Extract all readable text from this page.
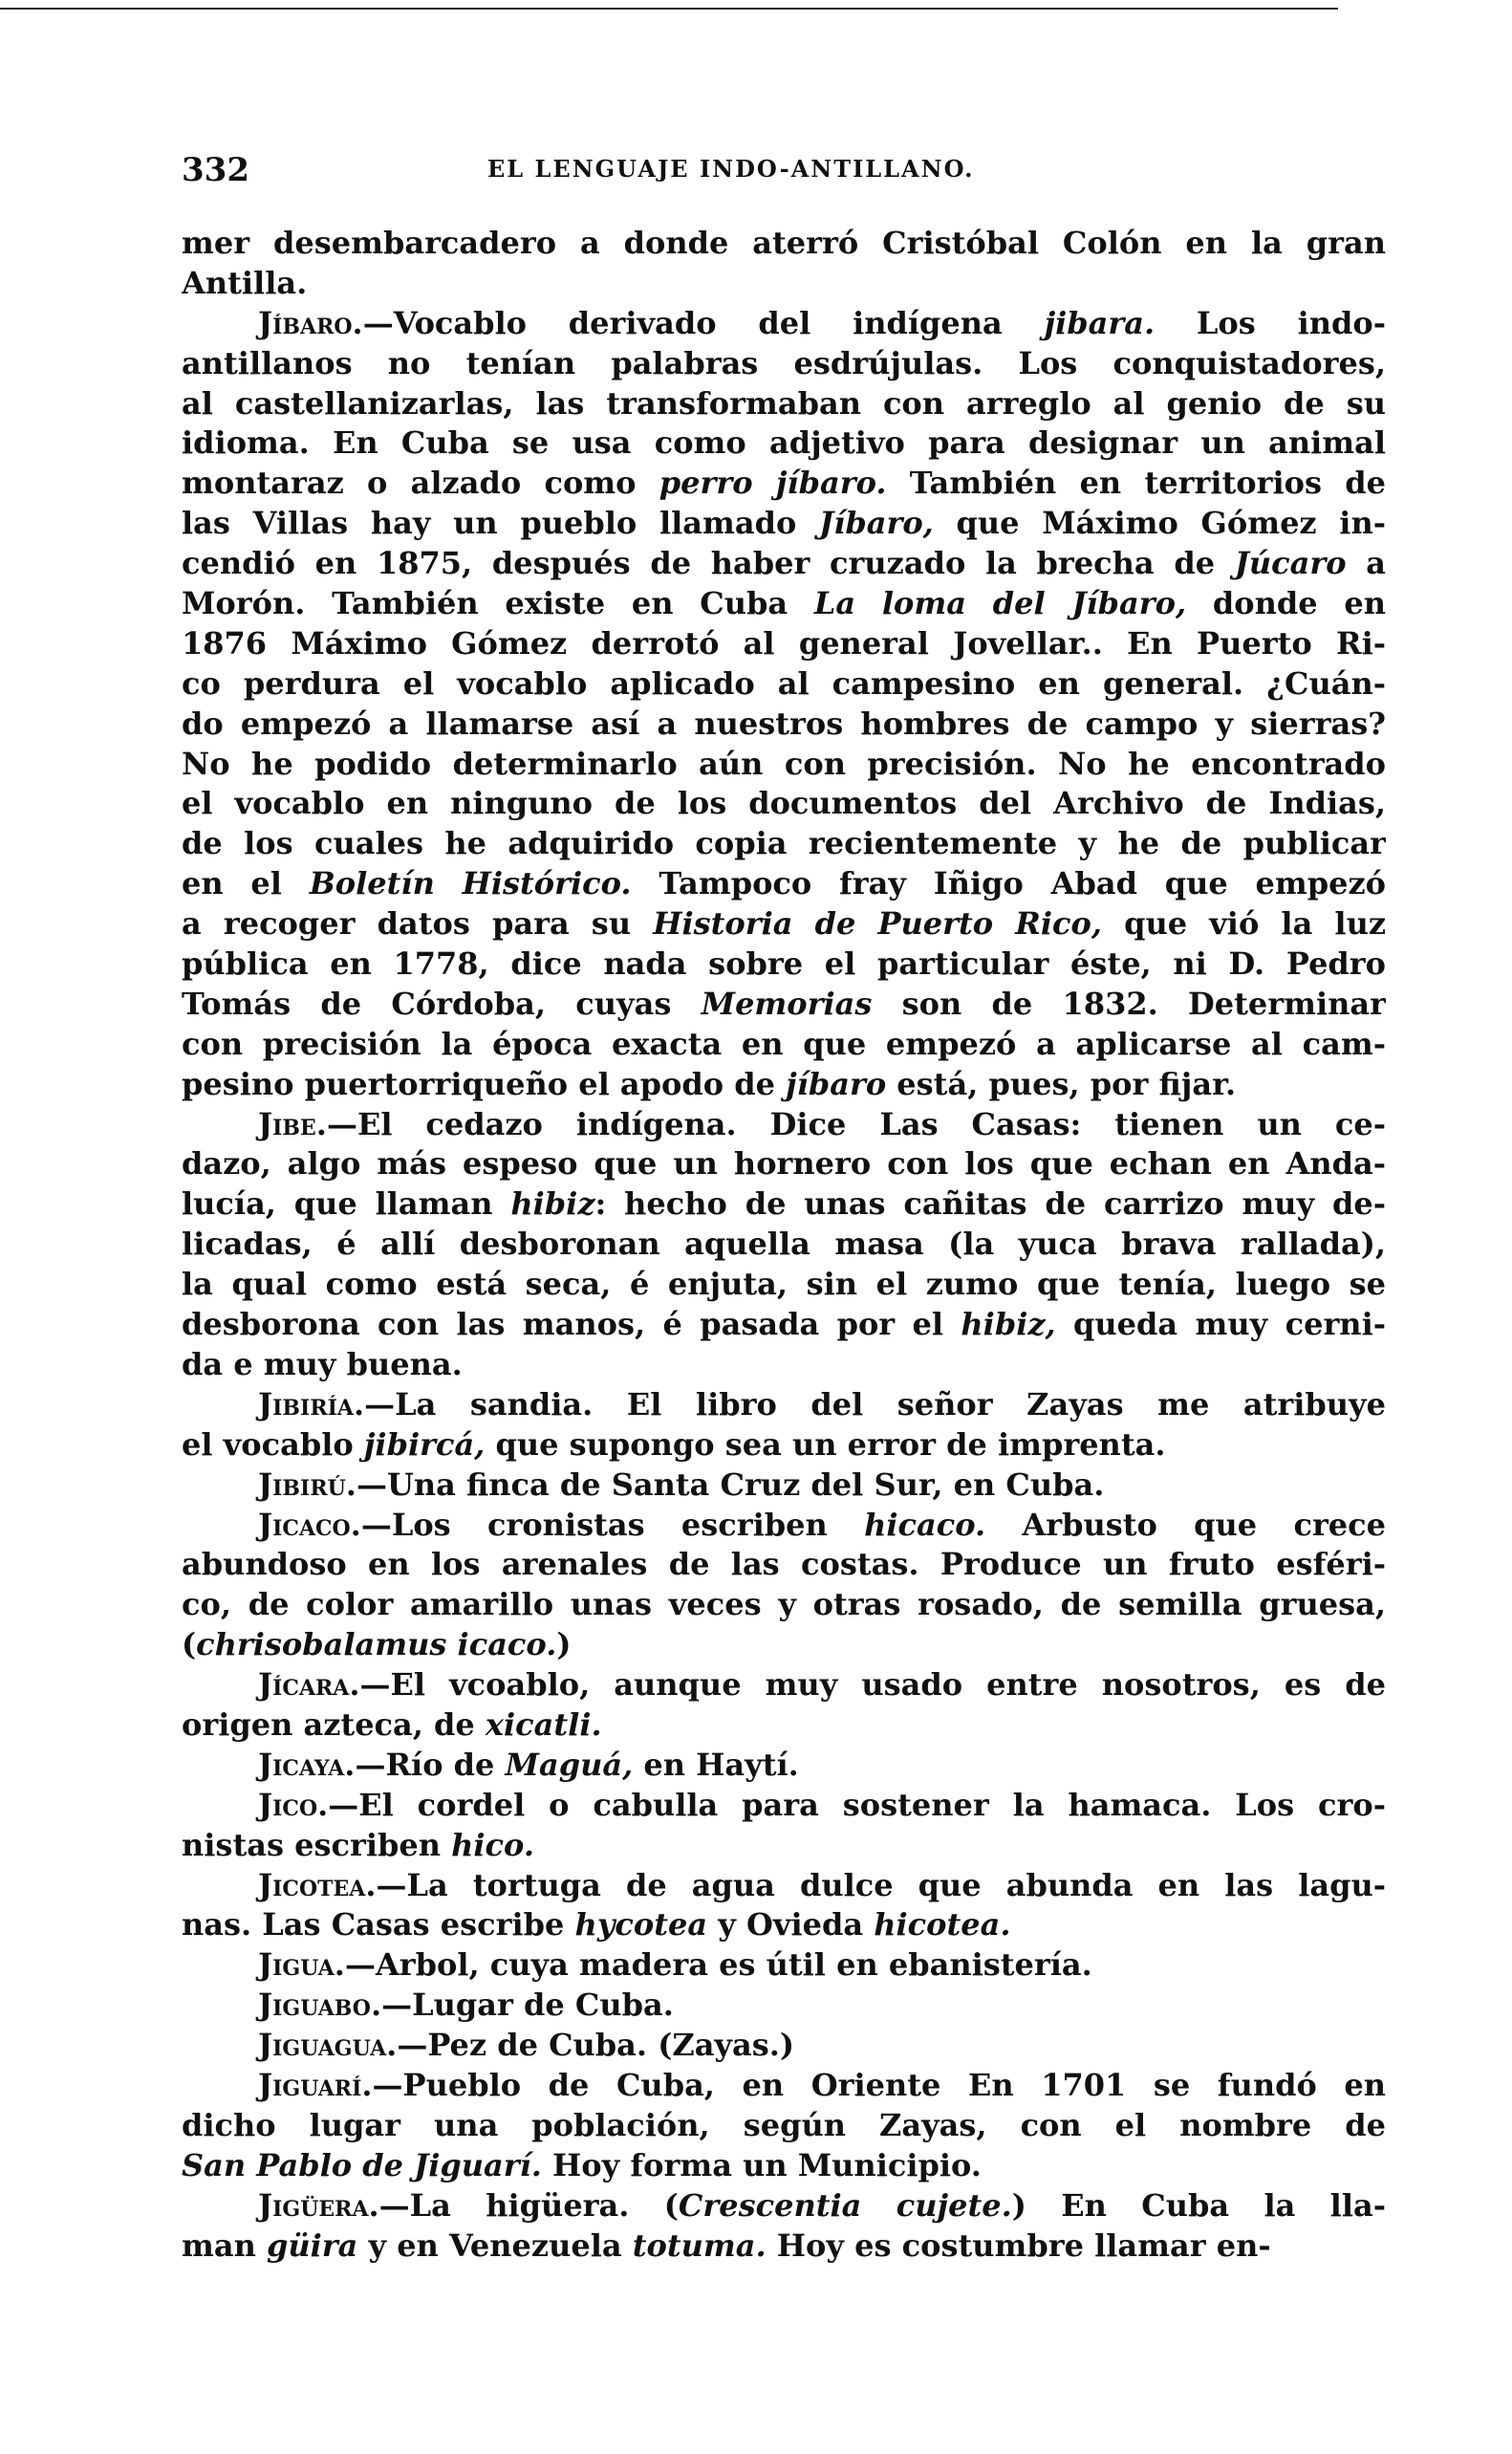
332	EL LENGUAJE INDO-ANTILLANO.
mer desembarcadero a donde aterró Cristóbal Colón en la gran
Antilla.
Jíbaro.—Vocablo derivado del indígena jibara. Los indo-
antillanos no tenían palabras esdrújulas. Los conquistadores,
al castellanizarlas, las transformaban con arreglo al genio de su
idioma. En Cuba se usa como adjetivo para designar un animal
montaraz o alzado como perro jíbaro. También en territorios de
las Villas hay un pueblo llamado Jíbaro, que Máximo Gómez in-
cendió en 1875, después de haber cruzado la brecha de Júcaro a
Morón. También existe en Cuba La loma del Jíbaro, donde en
1876 Máximo Gómez derrotó al general Jovellar.. En Puerto Ri-
co perdura el vocablo aplicado al campesino en general. ¿Cuán-
do empezó a llamarse así a nuestros hombres de campo y sierras?
No he podido determinarlo aún con precisión. No he encontrado
el vocablo en ninguno de los documentos del Archivo de Indias,
de los cuales he adquirido copia recientemente y he de publicar
en el Boletín Histórico. Tampoco fray Iñigo Abad que empezó
a recoger datos para su Historia de Puerto Rico, que vió la luz
pública en 1778, dice nada sobre el particular éste, ni D. Pedro
Tomás de Córdoba, cuyas Memorias son de 1832. Determinar
con precisión la época exacta en que empezó a aplicarse al cam-
pesino puertorriqueño el apodo de jíbaro está, pues, por fijar.
Jibe.—El cedazo indígena. Dice Las Casas: tienen un ce-
dazo, algo más espeso que un hornero con los que echan en Anda-
lucía, que llaman hibiz: hecho de unas cañitas de carrizo muy de-
licadas, é allí desboronan aquella masa (la yuca brava rallada),
la qual como está seca, é enjuta, sin el zumo que tenía, luego se
desborona con las manos, é pasada por el hibiz, queda muy cerni-
da e muy buena.
Jibiría.—La sandia. El libro del señor Zayas me atribuye
el vocablo jibircá, que supongo sea un error de imprenta.
Jibirú.—Una finca de Santa Cruz del Sur, en Cuba.
Jicaco.—Los cronistas escriben hicaco. Arbusto que crece
abundoso en los arenales de las costas. Produce un fruto esféri-
co, de color amarillo unas veces y otras rosado, de semilla gruesa,
(chrisobalamus icaco.)
Jícara.—El vcoablo, aunque muy usado entre nosotros, es de
origen azteca, de xicatli.
Jicaya.—Río de Maguá, en Haytí.
Jico.—El cordel o cabulla para sostener la hamaca. Los cro-
nistas escriben hico.
Jicotea.—La tortuga de agua dulce que abunda en las lagu-
nas. Las Casas escribe hycotea y Ovieda hicotea.
Jigua.—Arbol, cuya madera es útil en ebanistería.
Jiguabo.—Lugar de Cuba.
Jiguagua.—Pez de Cuba. (Zayas.)
Jiguarí.—Pueblo de Cuba, en Oriente En 1701 se fundó en
dicho lugar una población, según Zayas, con el nombre de
San Pablo de Jiguarí. Hoy forma un Municipio.
Jigüera.—La higüera. (Crescentia cujete.) En Cuba la lla-
man güira y en Venezuela totuma. Hoy es costumbre llamar en-
